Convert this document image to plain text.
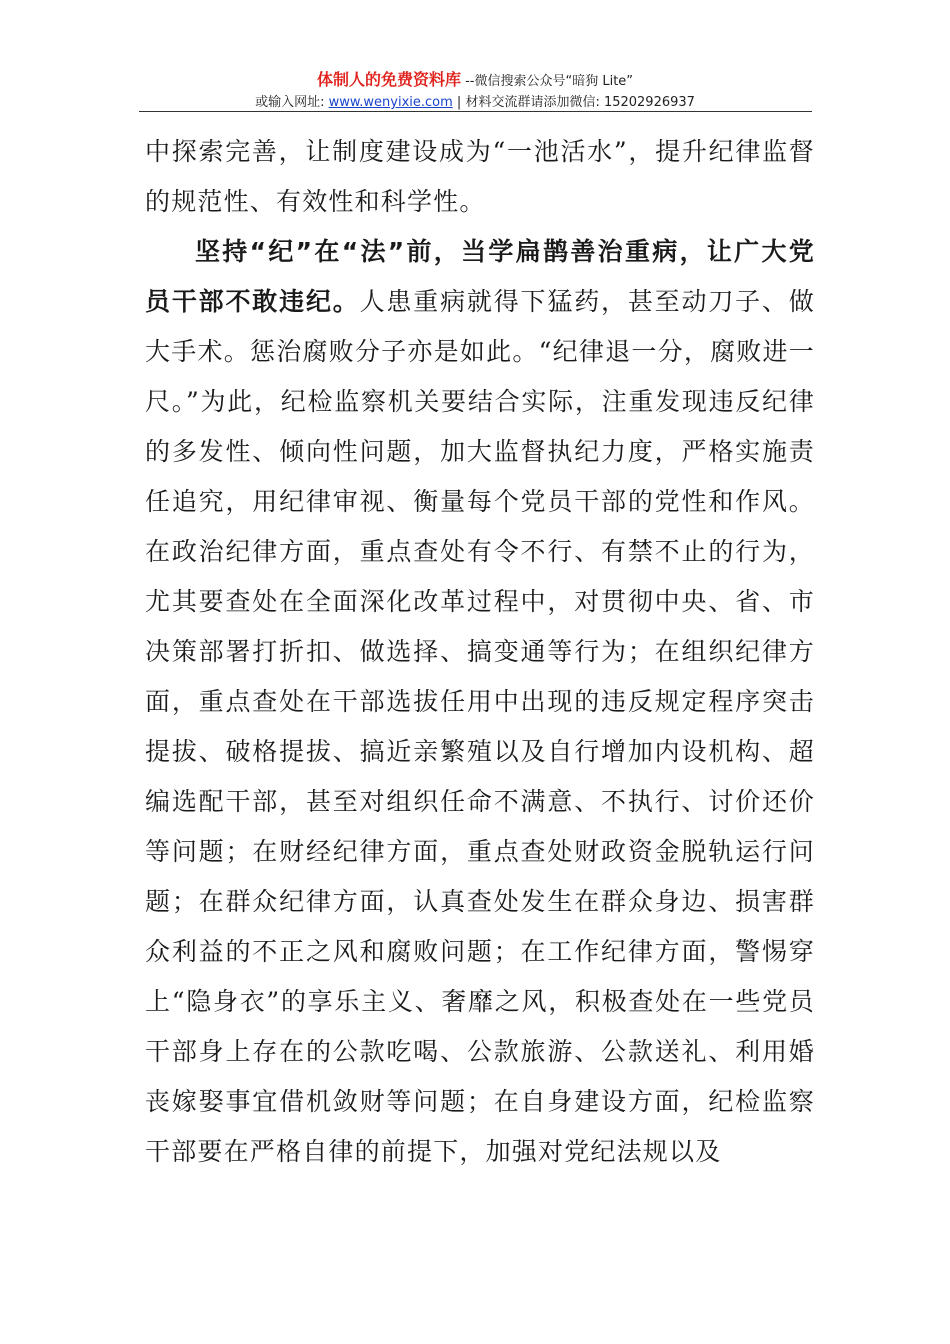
体制人的免费资料库 --微信搜索公众号“暗狗 Lite”
或输入网址: www.wenyixie.com | 材料交流群请添加微信: 15202926937

中探索完善，让制度建设成为“一池活水”，提升纪律监督的规范性、有效性和科学性。

坚持“纪”在“法”前，当学扁鹊善治重病，让广大党员干部不敢违纪。人患重病就得下猛药，甚至动刀子、做大手术。惩治腐败分子亦是如此。“纪律退一分，腐败进一尺。”为此，纪检监察机关要结合实际，注重发现违反纪律的多发性、倾向性问题，加大监督执纪力度，严格实施责任追究，用纪律审视、衡量每个党员干部的党性和作风。在政治纪律方面，重点查处有令不行、有禁不止的行为，尤其要查处在全面深化改革过程中，对贯彻中央、省、市决策部署打折扣、做选择、搞变通等行为；在组织纪律方面，重点查处在干部选拔任用中出现的违反规定程序突击提拔、破格提拔、搞近亲繁殖以及自行增加内设机构、超编选配干部，甚至对组织任命不满意、不执行、讨价还价等问题；在财经纪律方面，重点查处财政资金脱轨运行问题；在群众纪律方面，认真查处发生在群众身边、损害群众利益的不正之风和腐败问题；在工作纪律方面，警惕穿上“隐身衣”的享乐主义、奢靡之风，积极查处在一些党员干部身上存在的公款吃喝、公款旅游、公款送礼、利用婚丧嫁娶事宜借机敛财等问题；在自身建设方面，纪检监察干部要在严格自律的前提下，加强对党纪法规以及
